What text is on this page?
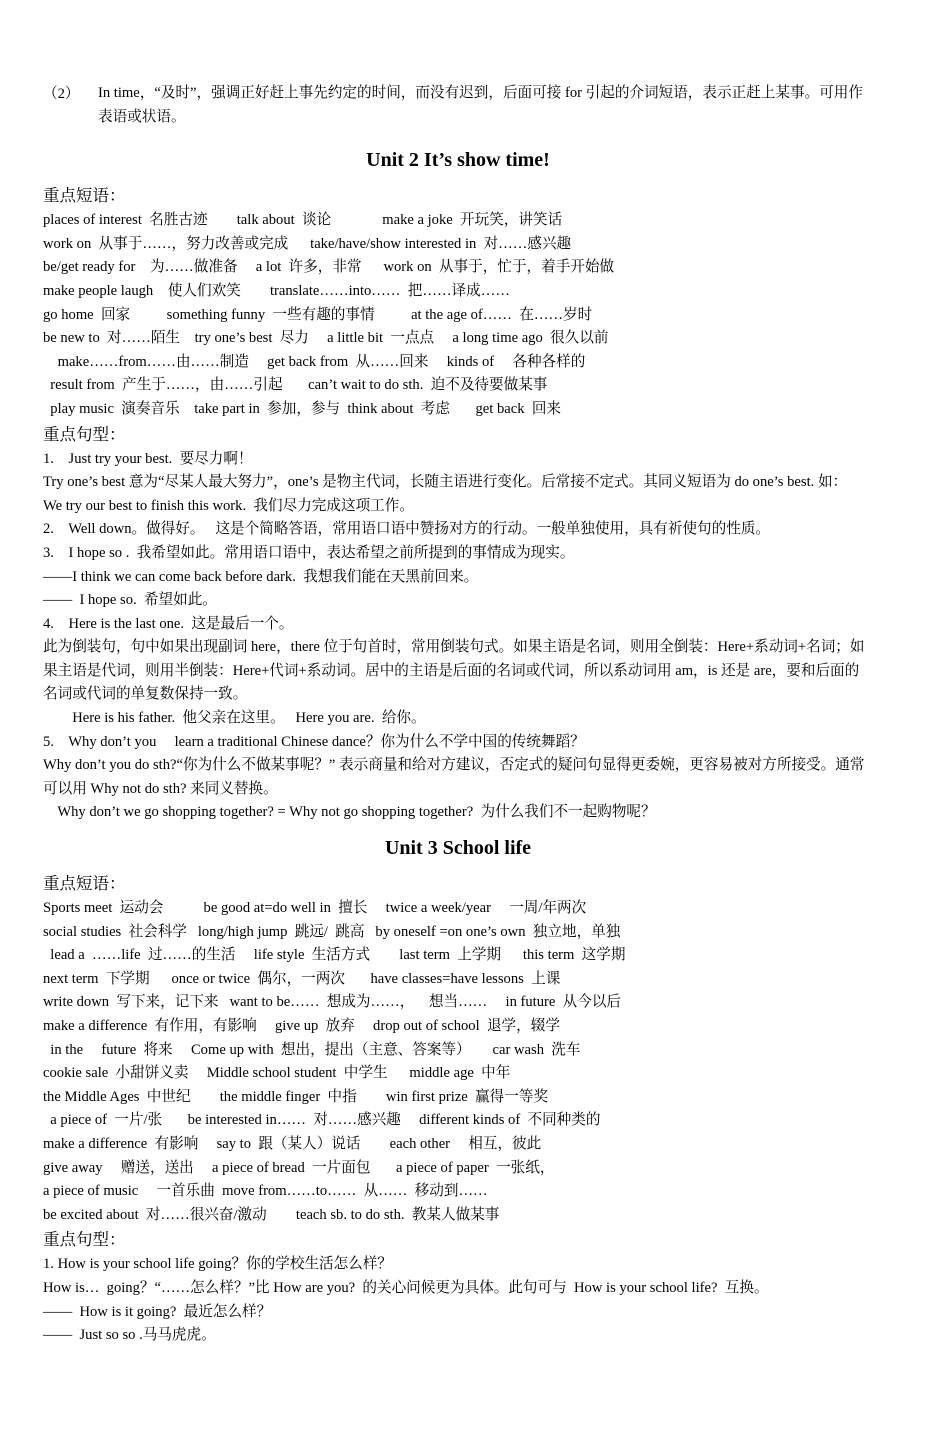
（2）	In time，“及时”，强调正好赶上事先约定的时间，而没有迟到，后面可接 for 引起的介词短语，表示正赶上某事。可用作表语或状语。
Unit 2 It’s show time!
重点短语：
places of interest  名胜古迹        talk about  谈论              make a joke  开玩笑，讲笑话
work on  从事于……，努力改善或完成      take/have/show interested in  对……感兴趣
be/get ready for    为……做准备     a lot  许多，非常      work on  从事于，忙于，着手开始做
make people laugh    使人们欢笑        translate……into……  把……译成……
go home  回家          something funny  一些有趣的事情          at the age of……  在……岁时
be new to  对……陌生    try one’s best  尽力     a little bit  一点点     a long time ago  很久以前
make……from……由……制造     get back from  从……回来     kinds of     各种各样的
result from  产生于……，由……引起       can’t wait to do sth.  迫不及待要做某事
play music  演奏音乐    take part in  参加，参与  think about  考虑       get back  回来
重点句型：
1.    Just try your best.  要尽力啊！
Try one’s best 意为“尽某人最大努力”，one’s 是物主代词，长随主语进行变化。后常接不定式。其同义短语为 do one’s best. 如：
We try our best to finish this work.  我们尽力完成这项工作。
2.    Well down。做得好。   这是个简略答语，常用语口语中赞扬对方的行动。一般单独使用，具有祈使句的性质。
3.    I hope so .  我希望如此。常用语口语中，表达希望之前所提到的事情成为现实。
——I think we can come back before dark.  我想我们能在天黑前回来。
——  I hope so.  希望如此。
4.    Here is the last one.  这是最后一个。
此为倒装句，句中如果出现副词 here，there 位于句首时，常用倒装句式。如果主语是名词，则用全倒装：Here+系动词+名词；如果主语是代词，则用半倒装：Here+代词+系动词。居中的主语是后面的名词或代词，所以系动词用 am，is 还是 are，要和后面的名词或代词的单复数保持一致。
Here is his father.  他父亲在这里。   Here you are.  给你。
5.    Why don’t you     learn a traditional Chinese dance？你为什么不学中国的传统舞蹈？
Why don’t you do sth?“你为什么不做某事呢？” 表示商量和给对方建议，否定式的疑问句显得更委婉，更容易被对方所接受。通常可以用 Why not do sth? 来同义替换。
Why don’t we go shopping together? = Why not go shopping together?  为什么我们不一起购物呢？
Unit 3 School life
重点短语：
Sports meet  运动会           be good at=do well in  擅长     twice a week/year     一周/年两次
social studies  社会科学   long/high jump  跳远/  跳高   by oneself =on one’s own  独立地，单独
lead a  ……life  过……的生活     life style  生活方式        last term  上学期      this term  这学期
next term  下学期      once or twice  偶尔，一两次       have classes=have lessons  上课
write down  写下来，记下来   want to be……  想成为……，    想当……     in future  从今以后
make a difference  有作用，有影响     give up  放弃     drop out of school  退学，辍学
in the     future  将来     Come up with  想出，提出（主意、答案等）      car wash  洗车
cookie sale  小甜饼义卖     Middle school student  中学生      middle age  中年
the Middle Ages  中世纪        the middle finger  中指        win first prize  赢得一等奖
a piece of  一片/张       be interested in……  对……感兴趣     different kinds of  不同种类的
make a difference  有影响     say to  跟（某人）说话        each other     相互，彼此
give away     赠送，送出     a piece of bread  一片面包       a piece of paper  一张纸，
a piece of music     一首乐曲  move from……to……  从……  移动到……
be excited about  对……很兴奋/激动        teach sb. to do sth.  教某人做某事
重点句型：
1. How is your school life going？你的学校生活怎么样？
How is…  going？“……怎么样？”比 How are you?  的关心问候更为具体。此句可与  How is your school life?  互换。
——  How is it going?  最近怎么样？
——  Just so so .马马虎虎。
